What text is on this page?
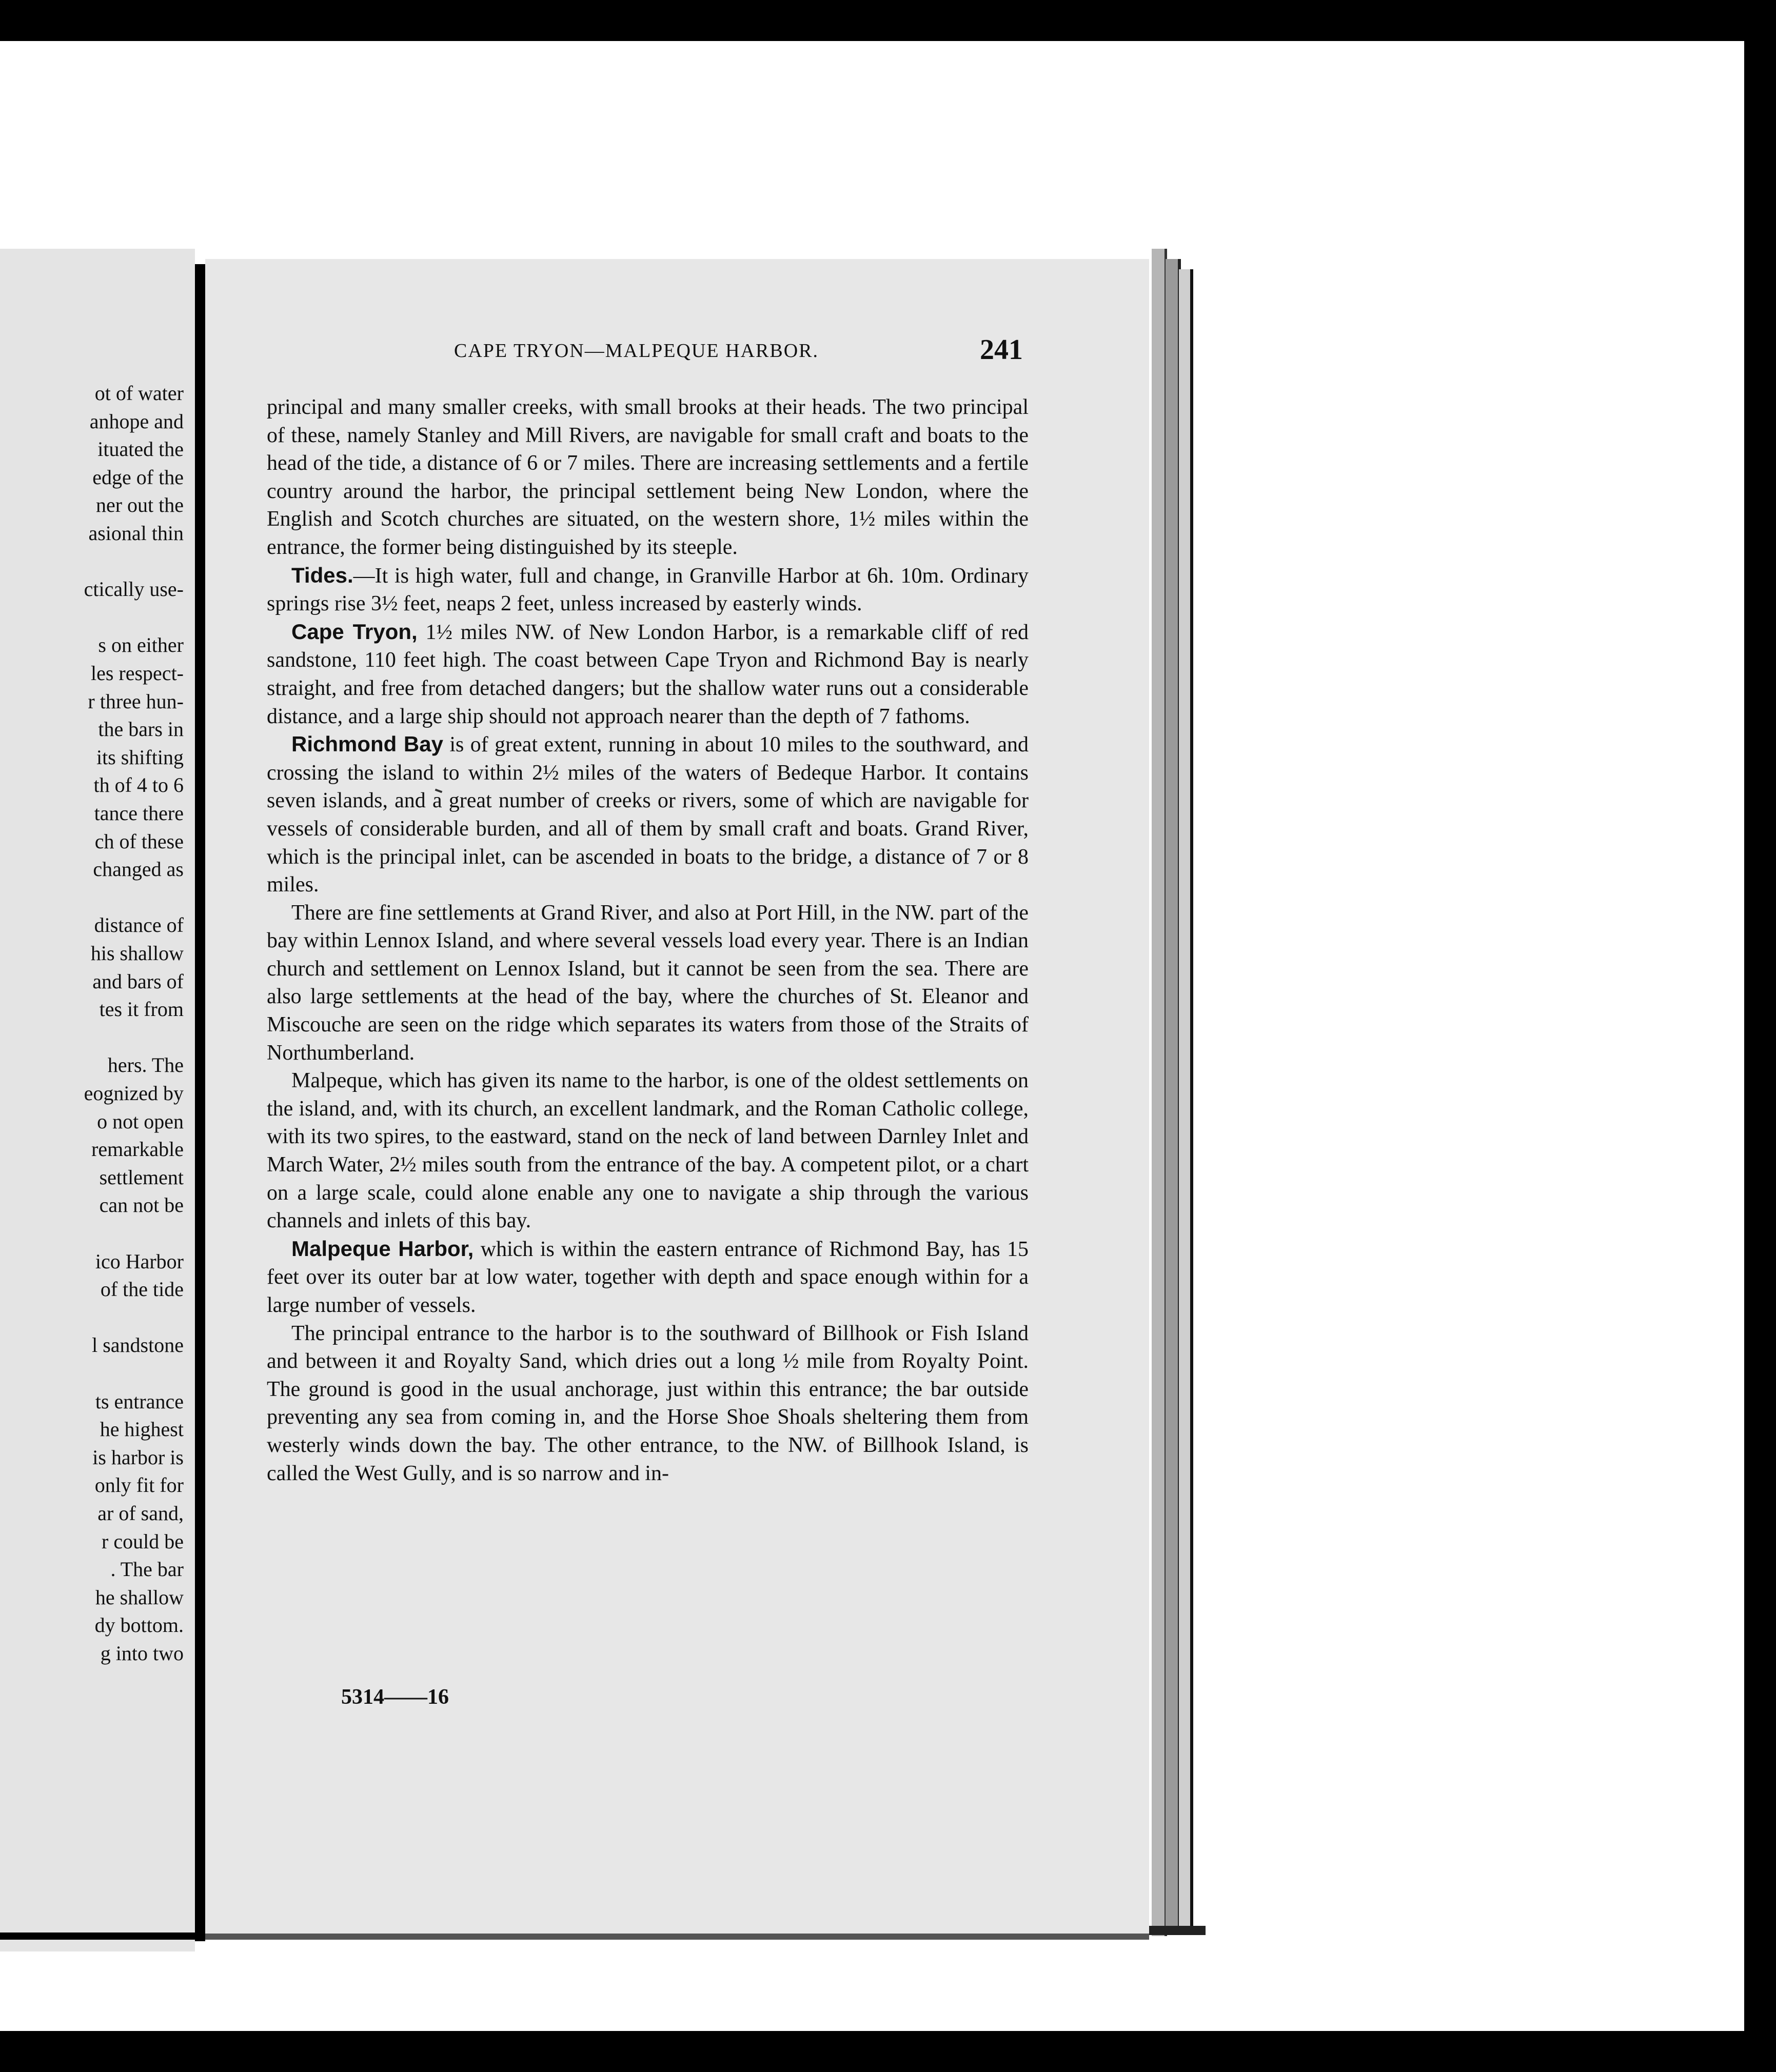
ot of water
anhope and
ituated the
edge of the
ner out the
asional thin
ctically use-
s on either
les respect-
r three hun-
the bars in
its shifting
th of 4 to 6
tance there
ch of these
changed as
distance of
his shallow
and bars of
tes it from
hers. The
eognized by
o not open
remarkable
settlement
can not be
ico Harbor
of the tide
l sandstone
ts entrance
he highest
is harbor is
only fit for
ar of sand,
r could be
. The bar
he shallow
dy bottom.
g into two
CAPE TRYON—MALPEQUE HARBOR.	241

principal and many smaller creeks, with small brooks at their heads. The two principal of these, namely Stanley and Mill Rivers, are navigable for small craft and boats to the head of the tide, a distance of 6 or 7 miles. There are increasing settlements and a fertile country around the harbor, the principal settlement being New London, where the English and Scotch churches are situated, on the western shore, 1½ miles within the entrance, the former being distinguished by its steeple.

Tides.—It is high water, full and change, in Granville Harbor at 6h. 10m. Ordinary springs rise 3½ feet, neaps 2 feet, unless increased by easterly winds.

Cape Tryon, 1½ miles NW. of New London Harbor, is a remarkable cliff of red sandstone, 110 feet high. The coast between Cape Tryon and Richmond Bay is nearly straight, and free from detached dangers; but the shallow water runs out a considerable distance, and a large ship should not approach nearer than the depth of 7 fathoms.

Richmond Bay is of great extent, running in about 10 miles to the southward, and crossing the island to within 2½ miles of the waters of Bedeque Harbor. It contains seven islands, and a great number of creeks or rivers, some of which are navigable for vessels of considerable burden, and all of them by small craft and boats. Grand River, which is the principal inlet, can be ascended in boats to the bridge, a distance of 7 or 8 miles.

There are fine settlements at Grand River, and also at Port Hill, in the NW. part of the bay within Lennox Island, and where several vessels load every year. There is an Indian church and settlement on Lennox Island, but it cannot be seen from the sea. There are also large settlements at the head of the bay, where the churches of St. Eleanor and Miscouche are seen on the ridge which separates its waters from those of the Straits of Northumberland.

Malpeque, which has given its name to the harbor, is one of the oldest settlements on the island, and, with its church, an excellent landmark, and the Roman Catholic college, with its two spires, to the eastward, stand on the neck of land between Darnley Inlet and March Water, 2½ miles south from the entrance of the bay. A competent pilot, or a chart on a large scale, could alone enable any one to navigate a ship through the various channels and inlets of this bay.

Malpeque Harbor, which is within the eastern entrance of Richmond Bay, has 15 feet over its outer bar at low water, together with depth and space enough within for a large number of vessels.

The principal entrance to the harbor is to the southward of Billhook or Fish Island and between it and Royalty Sand, which dries out a long ½ mile from Royalty Point. The ground is good in the usual anchorage, just within this entrance; the bar outside preventing any sea from coming in, and the Horse Shoe Shoals sheltering them from westerly winds down the bay. The other entrance, to the NW. of Billhook Island, is called the West Gully, and is so narrow and in-

5314——16
